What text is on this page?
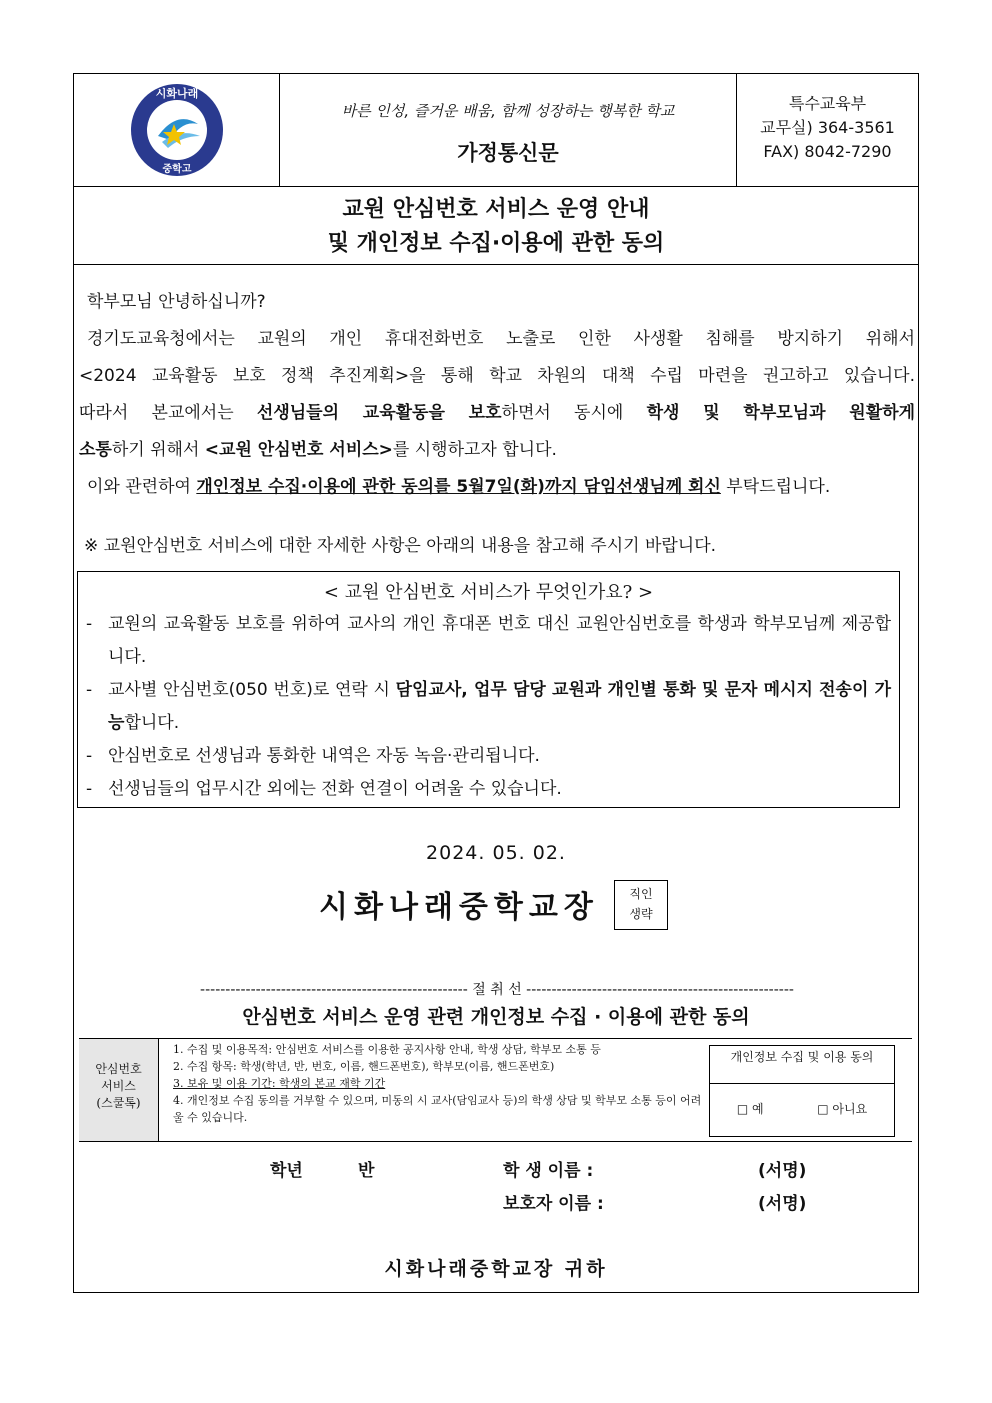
시화나래
중학고
바른 인성, 즐거운 배움, 함께 성장하는 행복한 학교
가정통신문
특수교육부
교무실) 364-3561
FAX) 8042-7290
교원 안심번호 서비스 운영 안내
및 개인정보 수집·이용에 관한 동의

학부모님 안녕하십니까?

경기도교육청에서는 교원의 개인 휴대전화번호 노출로 인한 사생활 침해를 방지하기 위해서

<2024 교육활동 보호 정책 추진계획>을 통해 학교 차원의 대책 수립 마련을 권고하고 있습니다.

따라서 본교에서는 선생님들의 교육활동을 보호하면서 동시에 학생 및 학부모님과 원활하게

소통하기 위해서 <교원 안심번호 서비스>를 시행하고자 합니다.

이와 관련하여 개인정보 수집·이용에 관한 동의를 5월7일(화)까지 담임선생님께 회신 부탁드립니다.

※ 교원안심번호 서비스에 대한 자세한 사항은 아래의 내용을 참고해 주시기 바랍니다.
< 교원 안심번호 서비스가 무엇인가요? >
- 교원의 교육활동 보호를 위하여 교사의 개인 휴대폰 번호 대신 교원안심번호를 학생과 학부모님께 제공합니다.
- 교사별 안심번호(050 번호)로 연락 시 담임교사, 업무 담당 교원과 개인별 통화 및 문자 메시지 전송이 가능합니다.
- 안심번호로 선생님과 통화한 내역은 자동 녹음·관리됩니다.
- 선생님들의 업무시간 외에는 전화 연결이 어려울 수 있습니다.
2024. 05. 02.
시화나래중학교장	직인
생략
----------------------------------------------------- 절 취 선 -----------------------------------------------------
안심번호 서비스 운영 관련 개인정보 수집 · 이용에 관한 동의
안심번호
서비스
(스쿨톡)
1. 수집 및 이용목적: 안심번호 서비스를 이용한 공지사항 안내, 학생 상담, 학부모 소통 등
2. 수집 항목: 학생(학년, 반, 번호, 이름, 핸드폰번호), 학부모(이름, 핸드폰번호)
3. 보유 및 이용 기간: 학생의 본교 재학 기간
4. 개인정보 수집 동의를 거부할 수 있으며, 미동의 시 교사(담임교사 등)의 학생 상담 및 학부모 소통 등이 어려울 수 있습니다.
개인정보 수집 및 이용 동의
□ 예	□ 아니요
학년	반	학 생 이름 :	(서명)
보호자 이름 :	(서명)
시화나래중학교장 귀하
